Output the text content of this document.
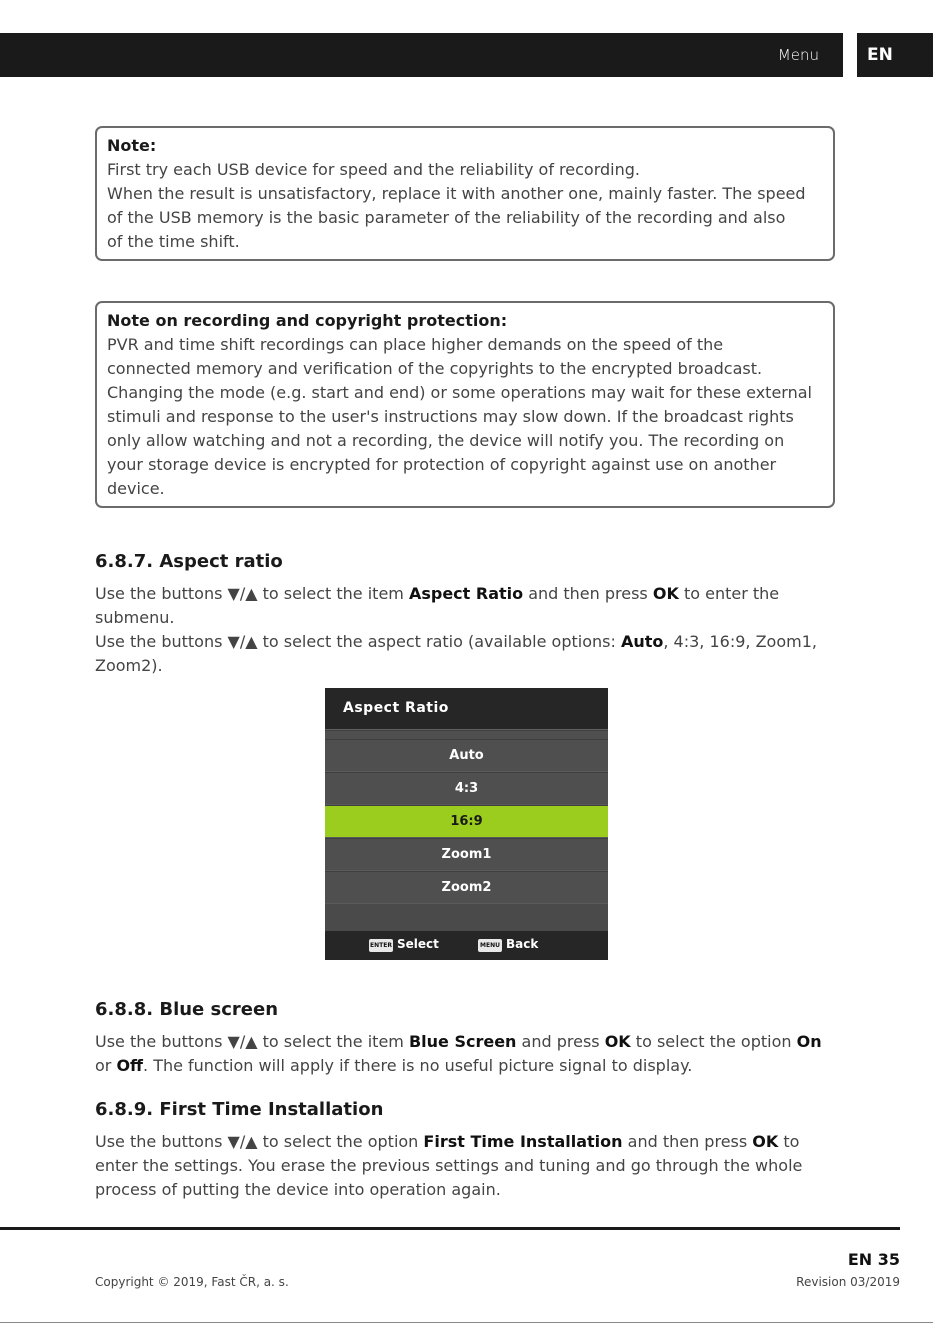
Menu	EN
Note:
First try each USB device for speed and the reliability of recording.
When the result is unsatisfactory, replace it with another one, mainly faster. The speed
of the USB memory is the basic parameter of the reliability of the recording and also
of the time shift.
Note on recording and copyright protection:
PVR and time shift recordings can place higher demands on the speed of the
connected memory and verification of the copyrights to the encrypted broadcast.
Changing the mode (e.g. start and end) or some operations may wait for these external
stimuli and response to the user's instructions may slow down. If the broadcast rights
only allow watching and not a recording, the device will notify you. The recording on
your storage device is encrypted for protection of copyright against use on another
device.
6.8.7. Aspect ratio
Use the buttons ▼/▲ to select the item Aspect Ratio and then press OK to enter the submenu.
Use the buttons ▼/▲ to select the aspect ratio (available options: Auto, 4:3, 16:9, Zoom1, Zoom2).
Aspect Ratio
Auto
4:3
16:9
Zoom1
Zoom2
ENTER Select	MENU Back
6.8.8. Blue screen
Use the buttons ▼/▲ to select the item Blue Screen and press OK to select the option On or Off. The function will apply if there is no useful picture signal to display.
6.8.9. First Time Installation
Use the buttons ▼/▲ to select the option First Time Installation and then press OK to enter the settings. You erase the previous settings and tuning and go through the whole process of putting the device into operation again.
EN 35
Copyright © 2019, Fast ČR, a. s.	Revision 03/2019
